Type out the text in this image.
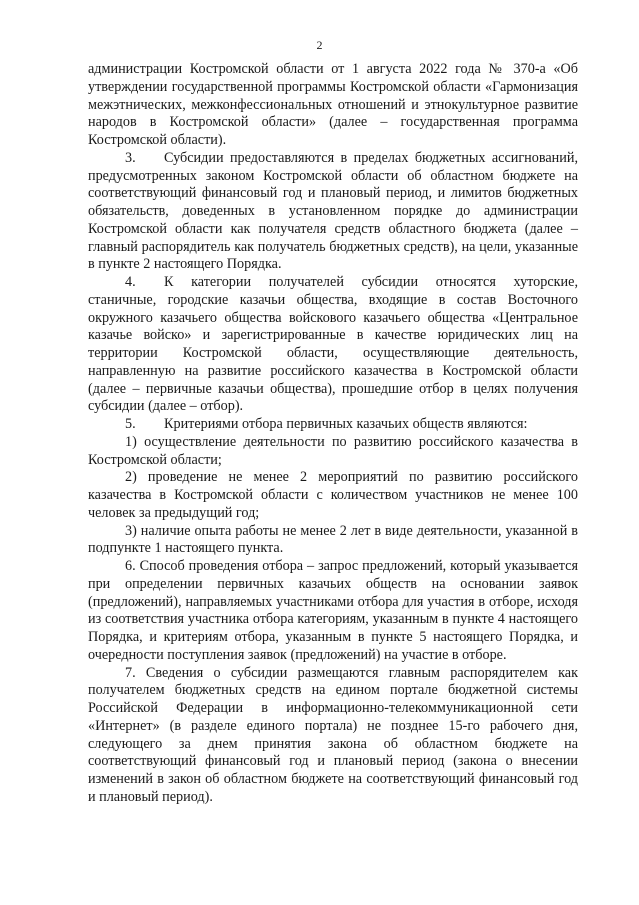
2

администрации Костромской области от 1 августа 2022 года № 370-а «Об утверждении государственной программы Костромской области «Гармонизация межэтнических, межконфессиональных отношений и этнокультурное развитие народов в Костромской области» (далее – государственная программа Костромской области).

3.  Субсидии предоставляются в пределах бюджетных ассигнований, предусмотренных законом Костромской области об областном бюджете на соответствующий финансовый год и плановый период, и лимитов бюджетных обязательств, доведенных в установленном порядке до администрации Костромской области как получателя средств областного бюджета (далее – главный распорядитель как получатель бюджетных средств), на цели, указанные в пункте 2 настоящего Порядка.

4.  К категории получателей субсидии относятся хуторские, станичные, городские казачьи общества, входящие в состав Восточного окружного казачьего общества войскового казачьего общества «Центральное казачье войско» и зарегистрированные в качестве юридических лиц на территории Костромской области, осуществляющие деятельность, направленную на развитие российского казачества в Костромской области (далее – первичные казачьи общества), прошедшие отбор в целях получения субсидии (далее – отбор).

5.  Критериями отбора первичных казачьих обществ являются:

1) осуществление деятельности по развитию российского казачества в Костромской области;

2) проведение не менее 2 мероприятий по развитию российского казачества в Костромской области с количеством участников не менее 100 человек за предыдущий год;

3) наличие опыта работы не менее 2 лет в виде деятельности, указанной в подпункте 1 настоящего пункта.

6. Способ проведения отбора – запрос предложений, который указывается при определении первичных казачьих обществ на основании заявок (предложений), направляемых участниками отбора для участия в отборе, исходя из соответствия участника отбора категориям, указанным в пункте 4 настоящего Порядка, и критериям отбора, указанным в пункте 5 настоящего Порядка, и очередности поступления заявок (предложений) на участие в отборе.

7. Сведения о субсидии размещаются главным распорядителем как получателем бюджетных средств на едином портале бюджетной системы Российской Федерации в информационно-телекоммуникационной сети «Интернет» (в разделе единого портала) не позднее 15-го рабочего дня, следующего за днем принятия закона об областном бюджете на соответствующий финансовый год и плановый период (закона о внесении изменений в закон об областном бюджете на соответствующий финансовый год и плановый период).
